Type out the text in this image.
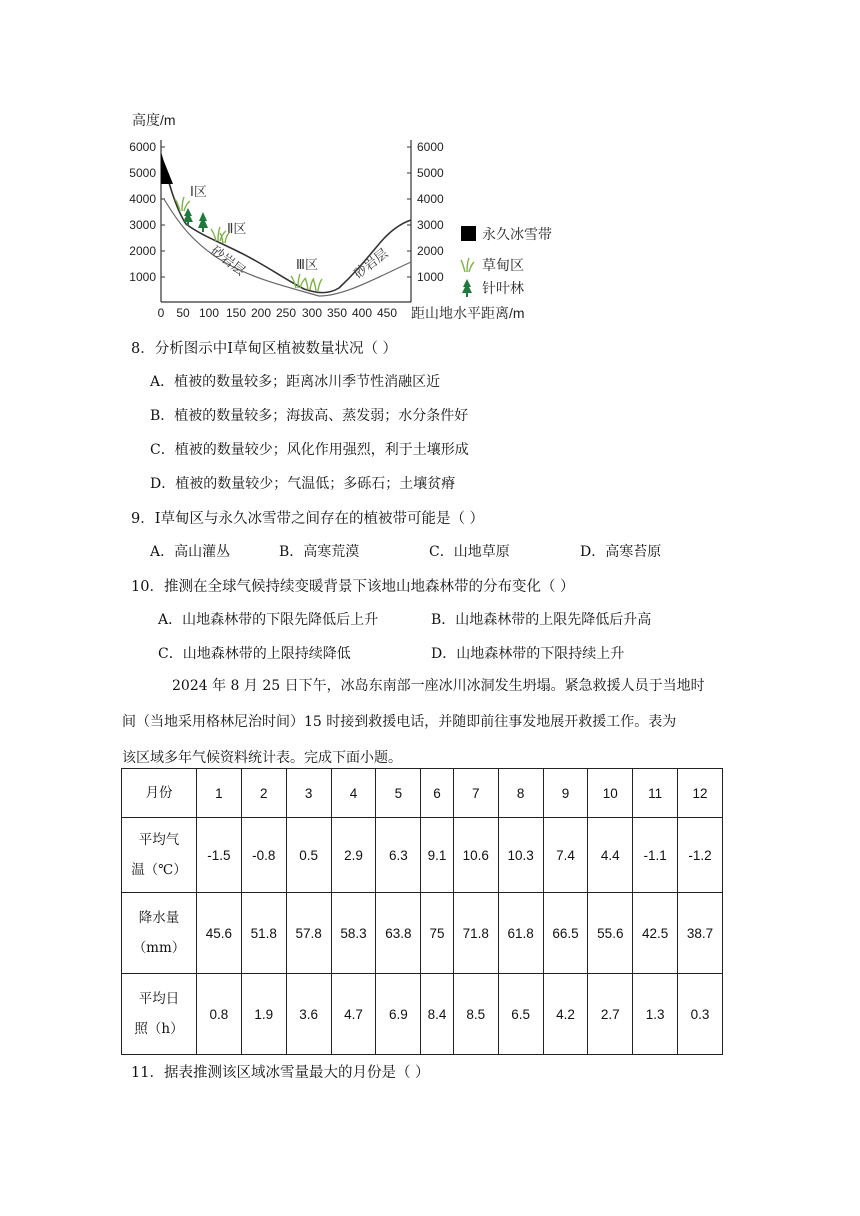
高度/m
6000
5000
4000
3000
2000
1000
6000
5000
4000
3000
2000
1000
0 50 100 150 200 250 300 350 400 450 距山地水平距离/m
Ⅰ区
Ⅱ区
Ⅲ区
砂岩层	砂岩层
永久冰雪带
草甸区
针叶林
8．分析图示中Ⅰ草甸区植被数量状况（ ）
A．植被的数量较多；距离冰川季节性消融区近
B．植被的数量较多；海拔高、蒸发弱；水分条件好
C．植被的数量较少；风化作用强烈，利于土壤形成
D．植被的数量较少；气温低；多砾石；土壤贫瘠
9．Ⅰ草甸区与永久冰雪带之间存在的植被带可能是（ ）
A．高山灌丛	B．高寒荒漠	C．山地草原	D．高寒苔原
10．推测在全球气候持续变暖背景下该地山地森林带的分布变化（ ）
A．山地森林带的下限先降低后上升	B．山地森林带的上限先降低后升高
C．山地森林带的上限持续降低	D．山地森林带的下限持续上升
2024 年 8 月 25 日下午，冰岛东南部一座冰川冰洞发生坍塌。紧急救援人员于当地时
间（当地采用格林尼治时间）15 时接到救援电话，并随即前往事发地展开救援工作。表为
该区域多年气候资料统计表。完成下面小题。
月份	1	2	3	4	5	6	7	8	9	10	11	12

平均气
温（℃）	-1.5	-0.8	0.5	2.9	6.3	9.1	10.6	10.3	7.4	4.4	-1.1	-1.2

降水量
（mm）	45.6	51.8	57.8	58.3	63.8	75	71.8	61.8	66.5	55.6	42.5	38.7

平均日
照（h）	0.8	1.9	3.6	4.7	6.9	8.4	8.5	6.5	4.2	2.7	1.3	0.3
11．据表推测该区域冰雪量最大的月份是（ ）
